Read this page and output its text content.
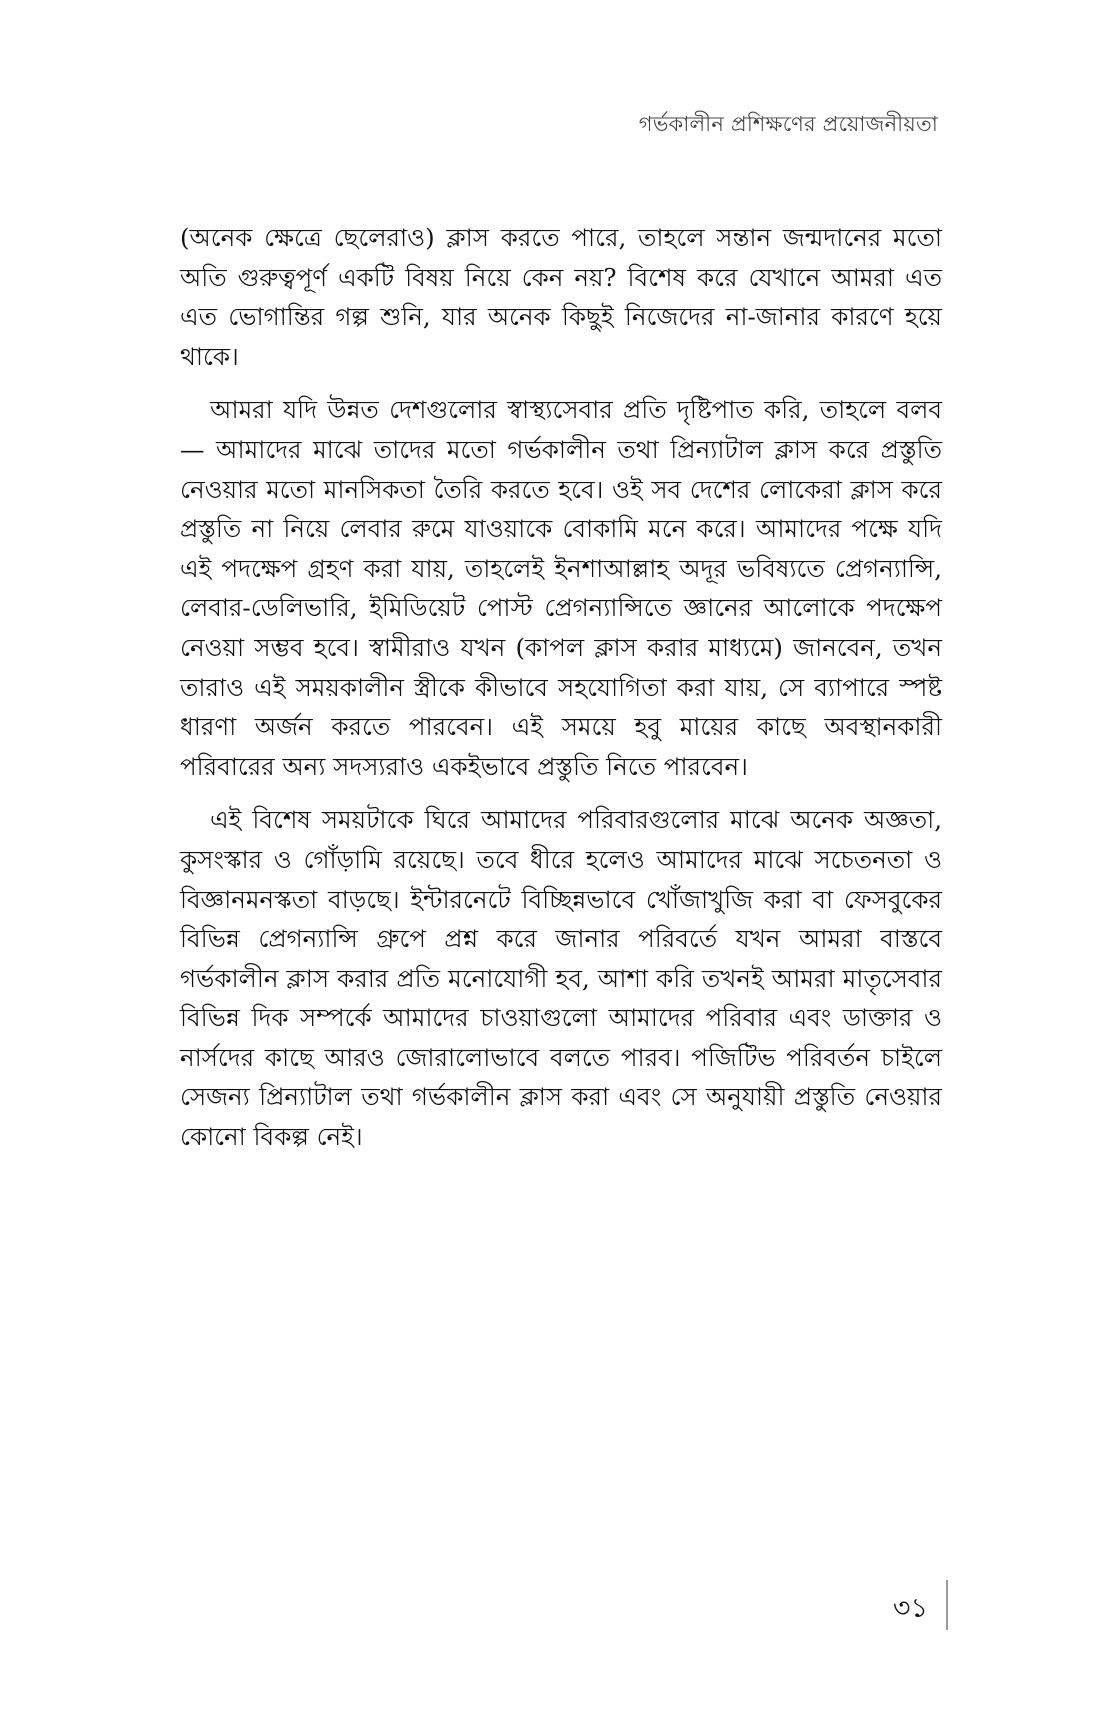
গর্ভকালীন প্রশিক্ষণের প্রয়োজনীয়তা

(অনেক ক্ষেত্রে ছেলেরাও) ক্লাস করতে পারে, তাহলে সন্তান জন্মদানের মতো অতি গুরুত্বপূর্ণ একটি বিষয় নিয়ে কেন নয়? বিশেষ করে যেখানে আমরা এত এত ভোগান্তির গল্প শুনি, যার অনেক কিছুই নিজেদের না-জানার কারণে হয়ে থাকে।

আমরা যদি উন্নত দেশগুলোর স্বাস্থ্যসেবার প্রতি দৃষ্টিপাত করি, তাহলে বলব— আমাদের মাঝে তাদের মতো গর্ভকালীন তথা প্রিন্যাটাল ক্লাস করে প্রস্তুতি নেওয়ার মতো মানসিকতা তৈরি করতে হবে। ওই সব দেশের লোকেরা ক্লাস করে প্রস্তুতি না নিয়ে লেবার রুমে যাওয়াকে বোকামি মনে করে। আমাদের পক্ষে যদি এই পদক্ষেপ গ্রহণ করা যায়, তাহলেই ইনশাআল্লাহ অদূর ভবিষ্যতে প্রেগন্যান্সি, লেবার-ডেলিভারি, ইমিডিয়েট পোস্ট প্রেগন্যান্সিতে জ্ঞানের আলোকে পদক্ষেপ নেওয়া সম্ভব হবে। স্বামীরাও যখন (কাপল ক্লাস করার মাধ্যমে) জানবেন, তখন তারাও এই সময়কালীন স্ত্রীকে কীভাবে সহযোগিতা করা যায়, সে ব্যাপারে স্পষ্ট ধারণা অর্জন করতে পারবেন। এই সময়ে হবু মায়ের কাছে অবস্থানকারী পরিবারের অন্য সদস্যরাও একইভাবে প্রস্তুতি নিতে পারবেন।

এই বিশেষ সময়টাকে ঘিরে আমাদের পরিবারগুলোর মাঝে অনেক অজ্ঞতা, কুসংস্কার ও গোঁড়ামি রয়েছে। তবে ধীরে হলেও আমাদের মাঝে সচেতনতা ও বিজ্ঞানমনস্কতা বাড়ছে। ইন্টারনেটে বিচ্ছিন্নভাবে খোঁজাখুজি করা বা ফেসবুকের বিভিন্ন প্রেগন্যান্সি গ্রুপে প্রশ্ন করে জানার পরিবর্তে যখন আমরা বাস্তবে গর্ভকালীন ক্লাস করার প্রতি মনোযোগী হব, আশা করি তখনই আমরা মাতৃসেবার বিভিন্ন দিক সম্পর্কে আমাদের চাওয়াগুলো আমাদের পরিবার এবং ডাক্তার ও নার্সদের কাছে আরও জোরালোভাবে বলতে পারব। পজিটিভ পরিবর্তন চাইলে সেজন্য প্রিন্যাটাল তথা গর্ভকালীন ক্লাস করা এবং সে অনুযায়ী প্রস্তুতি নেওয়ার কোনো বিকল্প নেই।

৩১
